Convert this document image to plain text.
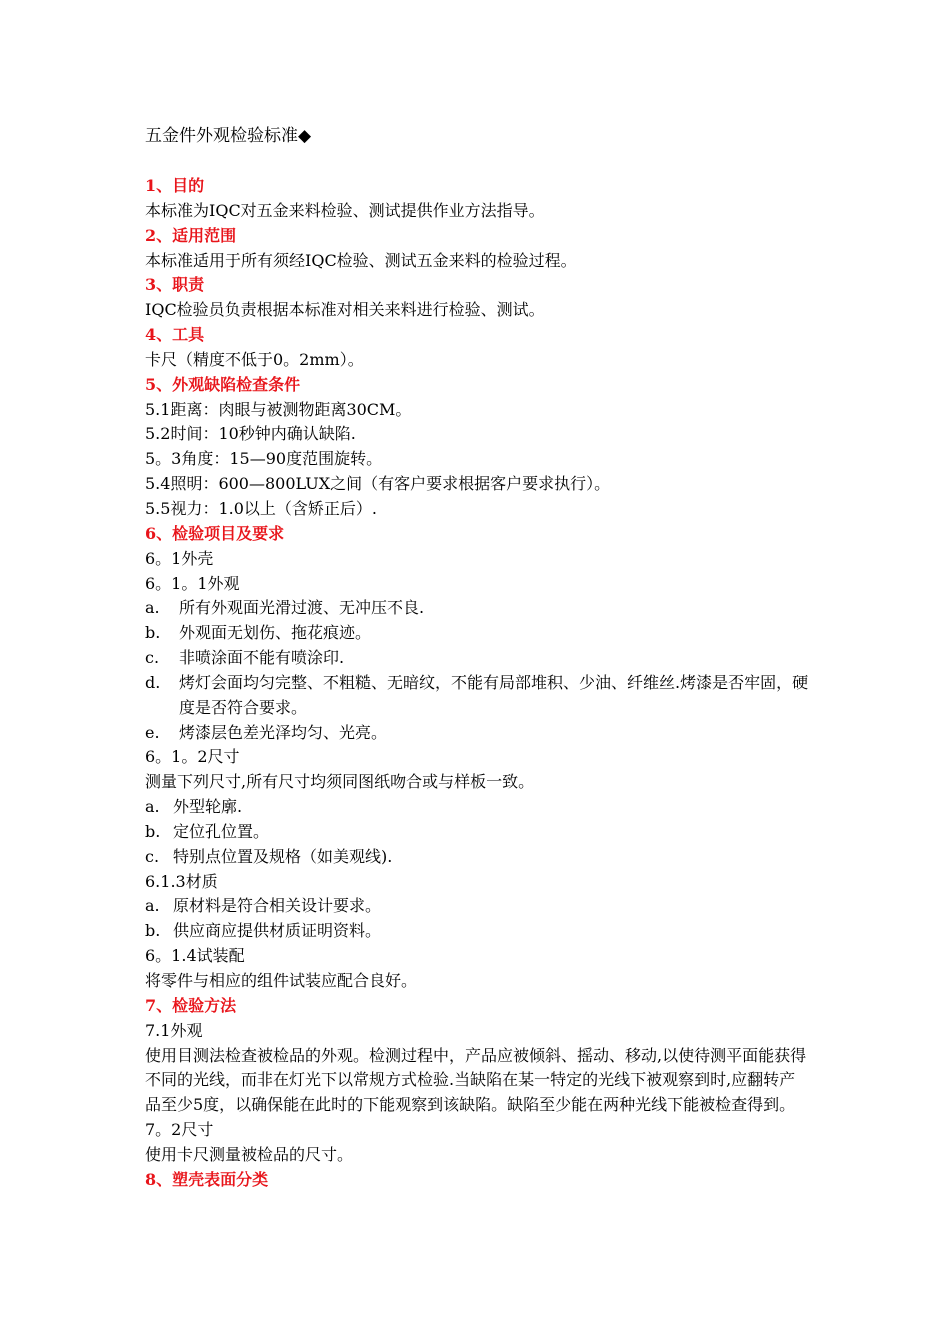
五金件外观检验标准◆
1、目的
本标准为IQC对五金来料检验、测试提供作业方法指导。
2、适用范围
本标准适用于所有须经IQC检验、测试五金来料的检验过程。
3、职责
IQC检验员负责根据本标准对相关来料进行检验、测试。
4、工具
卡尺（精度不低于0。2mm）。
5、外观缺陷检查条件
5.1距离：肉眼与被测物距离30CM。
5.2时间：10秒钟内确认缺陷.
5。3角度：15—90度范围旋转。
5.4照明：600—800LUX之间（有客户要求根据客户要求执行）。
5.5视力：1.0以上（含矫正后）.
6、检验项目及要求
6。1外壳
6。1。1外观
a.	所有外观面光滑过渡、无冲压不良.
b.	外观面无划伤、拖花痕迹。
c.	非喷涂面不能有喷涂印.
d.	烤灯会面均匀完整、不粗糙、无暗纹，不能有局部堆积、少油、纤维丝.烤漆是否牢固，硬度是否符合要求。
e.	烤漆层色差光泽均匀、光亮。
6。1。2尺寸
测量下列尺寸,所有尺寸均须同图纸吻合或与样板一致。
a. 外型轮廓.
b. 定位孔位置。
c. 特别点位置及规格（如美观线).
6.1.3材质
a. 原材料是符合相关设计要求。
b. 供应商应提供材质证明资料。
6。1.4试装配
将零件与相应的组件试装应配合良好。
7、检验方法
7.1外观
使用目测法检查被检品的外观。检测过程中，产品应被倾斜、摇动、移动,以使待测平面能获得不同的光线，而非在灯光下以常规方式检验.当缺陷在某一特定的光线下被观察到时,应翻转产品至少5度，以确保能在此时的下能观察到该缺陷。缺陷至少能在两种光线下能被检查得到。
7。2尺寸
使用卡尺测量被检品的尺寸。
8、塑壳表面分类
